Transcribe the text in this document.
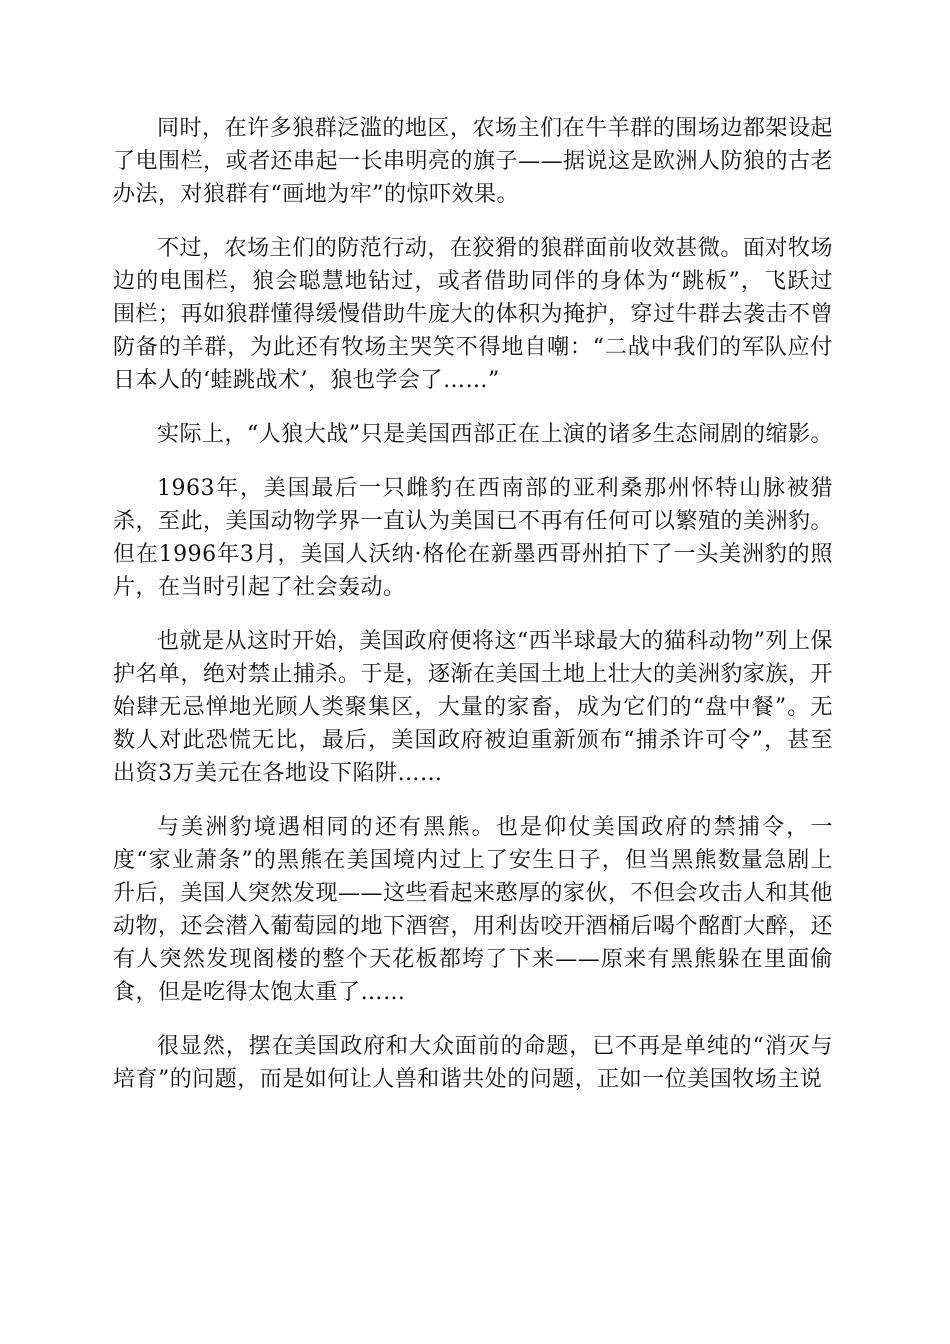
同时，在许多狼群泛滥的地区，农场主们在牛羊群的围场边都架设起了电围栏，或者还串起一长串明亮的旗子——据说这是欧洲人防狼的古老办法，对狼群有“画地为牢”的惊吓效果。

不过，农场主们的防范行动，在狡猾的狼群面前收效甚微。面对牧场边的电围栏，狼会聪慧地钻过，或者借助同伴的身体为“跳板”，飞跃过围栏；再如狼群懂得缓慢借助牛庞大的体积为掩护，穿过牛群去袭击不曾防备的羊群，为此还有牧场主哭笑不得地自嘲：“二战中我们的军队应付日本人的‘蛙跳战术’，狼也学会了……”

实际上，“人狼大战”只是美国西部正在上演的诸多生态闹剧的缩影。

1963年，美国最后一只雌豹在西南部的亚利桑那州怀特山脉被猎杀，至此，美国动物学界一直认为美国已不再有任何可以繁殖的美洲豹。但在1996年3月，美国人沃纳·格伦在新墨西哥州拍下了一头美洲豹的照片，在当时引起了社会轰动。

也就是从这时开始，美国政府便将这“西半球最大的猫科动物”列上保护名单，绝对禁止捕杀。于是，逐渐在美国土地上壮大的美洲豹家族，开始肆无忌惮地光顾人类聚集区，大量的家畜，成为它们的“盘中餐”。无数人对此恐慌无比，最后，美国政府被迫重新颁布“捕杀许可令”，甚至出资3万美元在各地设下陷阱……

与美洲豹境遇相同的还有黑熊。也是仰仗美国政府的禁捕令，一度“家业萧条”的黑熊在美国境内过上了安生日子，但当黑熊数量急剧上升后，美国人突然发现——这些看起来憨厚的家伙，不但会攻击人和其他动物，还会潜入葡萄园的地下酒窖，用利齿咬开酒桶后喝个酩酊大醉，还有人突然发现阁楼的整个天花板都垮了下来——原来有黑熊躲在里面偷食，但是吃得太饱太重了……

很显然，摆在美国政府和大众面前的命题，已不再是单纯的“消灭与培育”的问题，而是如何让人兽和谐共处的问题，正如一位美国牧场主说
